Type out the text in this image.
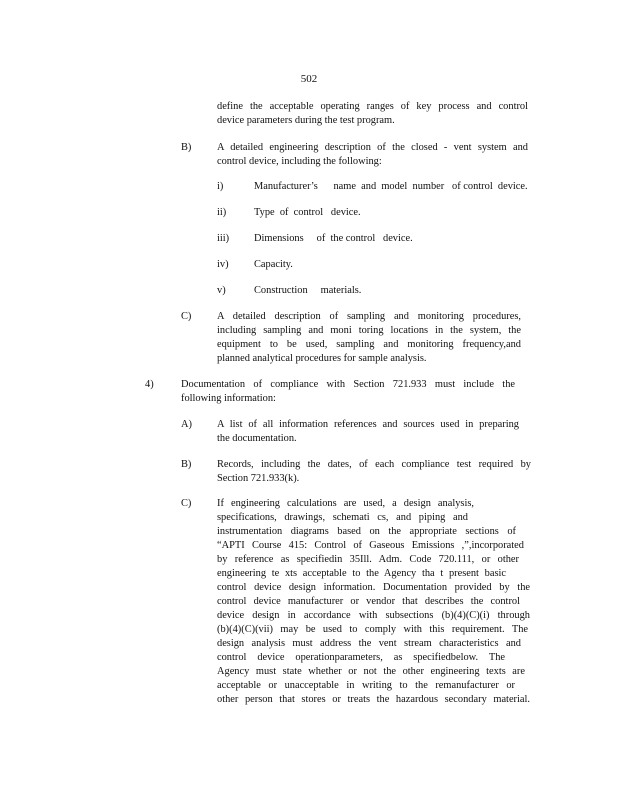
502
define the acceptable operating ranges of key process and control
device parameters during the test program.
B) A detailed engineering description of the closed - vent system and
control device, including the following:
i)	Manufacturer’s      name  and  model  number   of control  device.
ii)	Type  of  control   device.
iii) Dimensions     of  the control   device.
iv) Capacity.
v)	Construction     materials.
C) A detailed description of sampling and monitoring procedures,
including sampling and moni toring locations in the system, the
equipment to be used, sampling and monitoring frequency,and
planned analytical procedures for sample analysis.
4)	Documentation of compliance with Section 721.933 must include the
following information:
A) A list of all information references and sources used in preparing
the documentation.
B) Records, including the dates, of each compliance test required by
Section 721.933(k).
C) If engineering calculations are used, a design analysis,
specifications, drawings, schemati cs, and piping and
instrumentation diagrams based on the appropriate sections of
“APTI Course 415: Control of Gaseous Emissions ,”,incorporated
by reference as specifiedin 35Ill. Adm. Code 720.111, or other
engineering te xts acceptable to the Agency tha t present basic
control device design information. Documentation provided by the
control device manufacturer or vendor that describes the control
device design in accordance with subsections (b)(4)(C)(i) through
(b)(4)(C)(vii) may be used to comply with this requirement. The
design analysis must address the vent stream characteristics and
control device operationparameters, as specifiedbelow. The
Agency must state whether or not the other engineering texts are
acceptable or unacceptable in writing to the remanufacturer or
other person that stores or treats the hazardous secondary material.
